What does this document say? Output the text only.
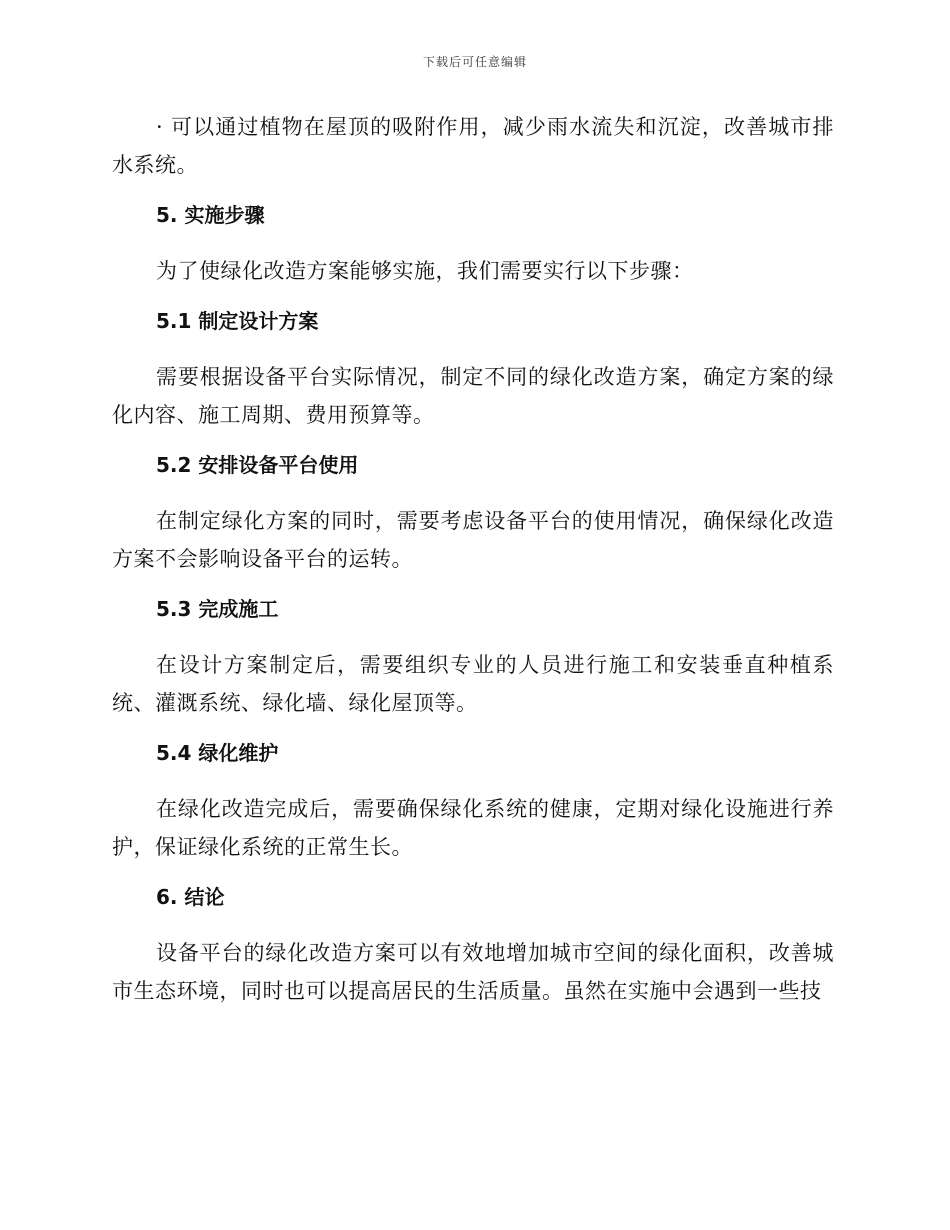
下载后可任意编辑

· 可以通过植物在屋顶的吸附作用，减少雨水流失和沉淀，改善城市排水系统。

5. 实施步骤

为了使绿化改造方案能够实施，我们需要实行以下步骤：

5.1 制定设计方案

需要根据设备平台实际情况，制定不同的绿化改造方案，确定方案的绿化内容、施工周期、费用预算等。

5.2 安排设备平台使用

在制定绿化方案的同时，需要考虑设备平台的使用情况，确保绿化改造方案不会影响设备平台的运转。

5.3 完成施工

在设计方案制定后，需要组织专业的人员进行施工和安装垂直种植系统、灌溉系统、绿化墙、绿化屋顶等。

5.4 绿化维护

在绿化改造完成后，需要确保绿化系统的健康，定期对绿化设施进行养护，保证绿化系统的正常生长。

6. 结论

设备平台的绿化改造方案可以有效地增加城市空间的绿化面积，改善城市生态环境，同时也可以提高居民的生活质量。虽然在实施中会遇到一些技
